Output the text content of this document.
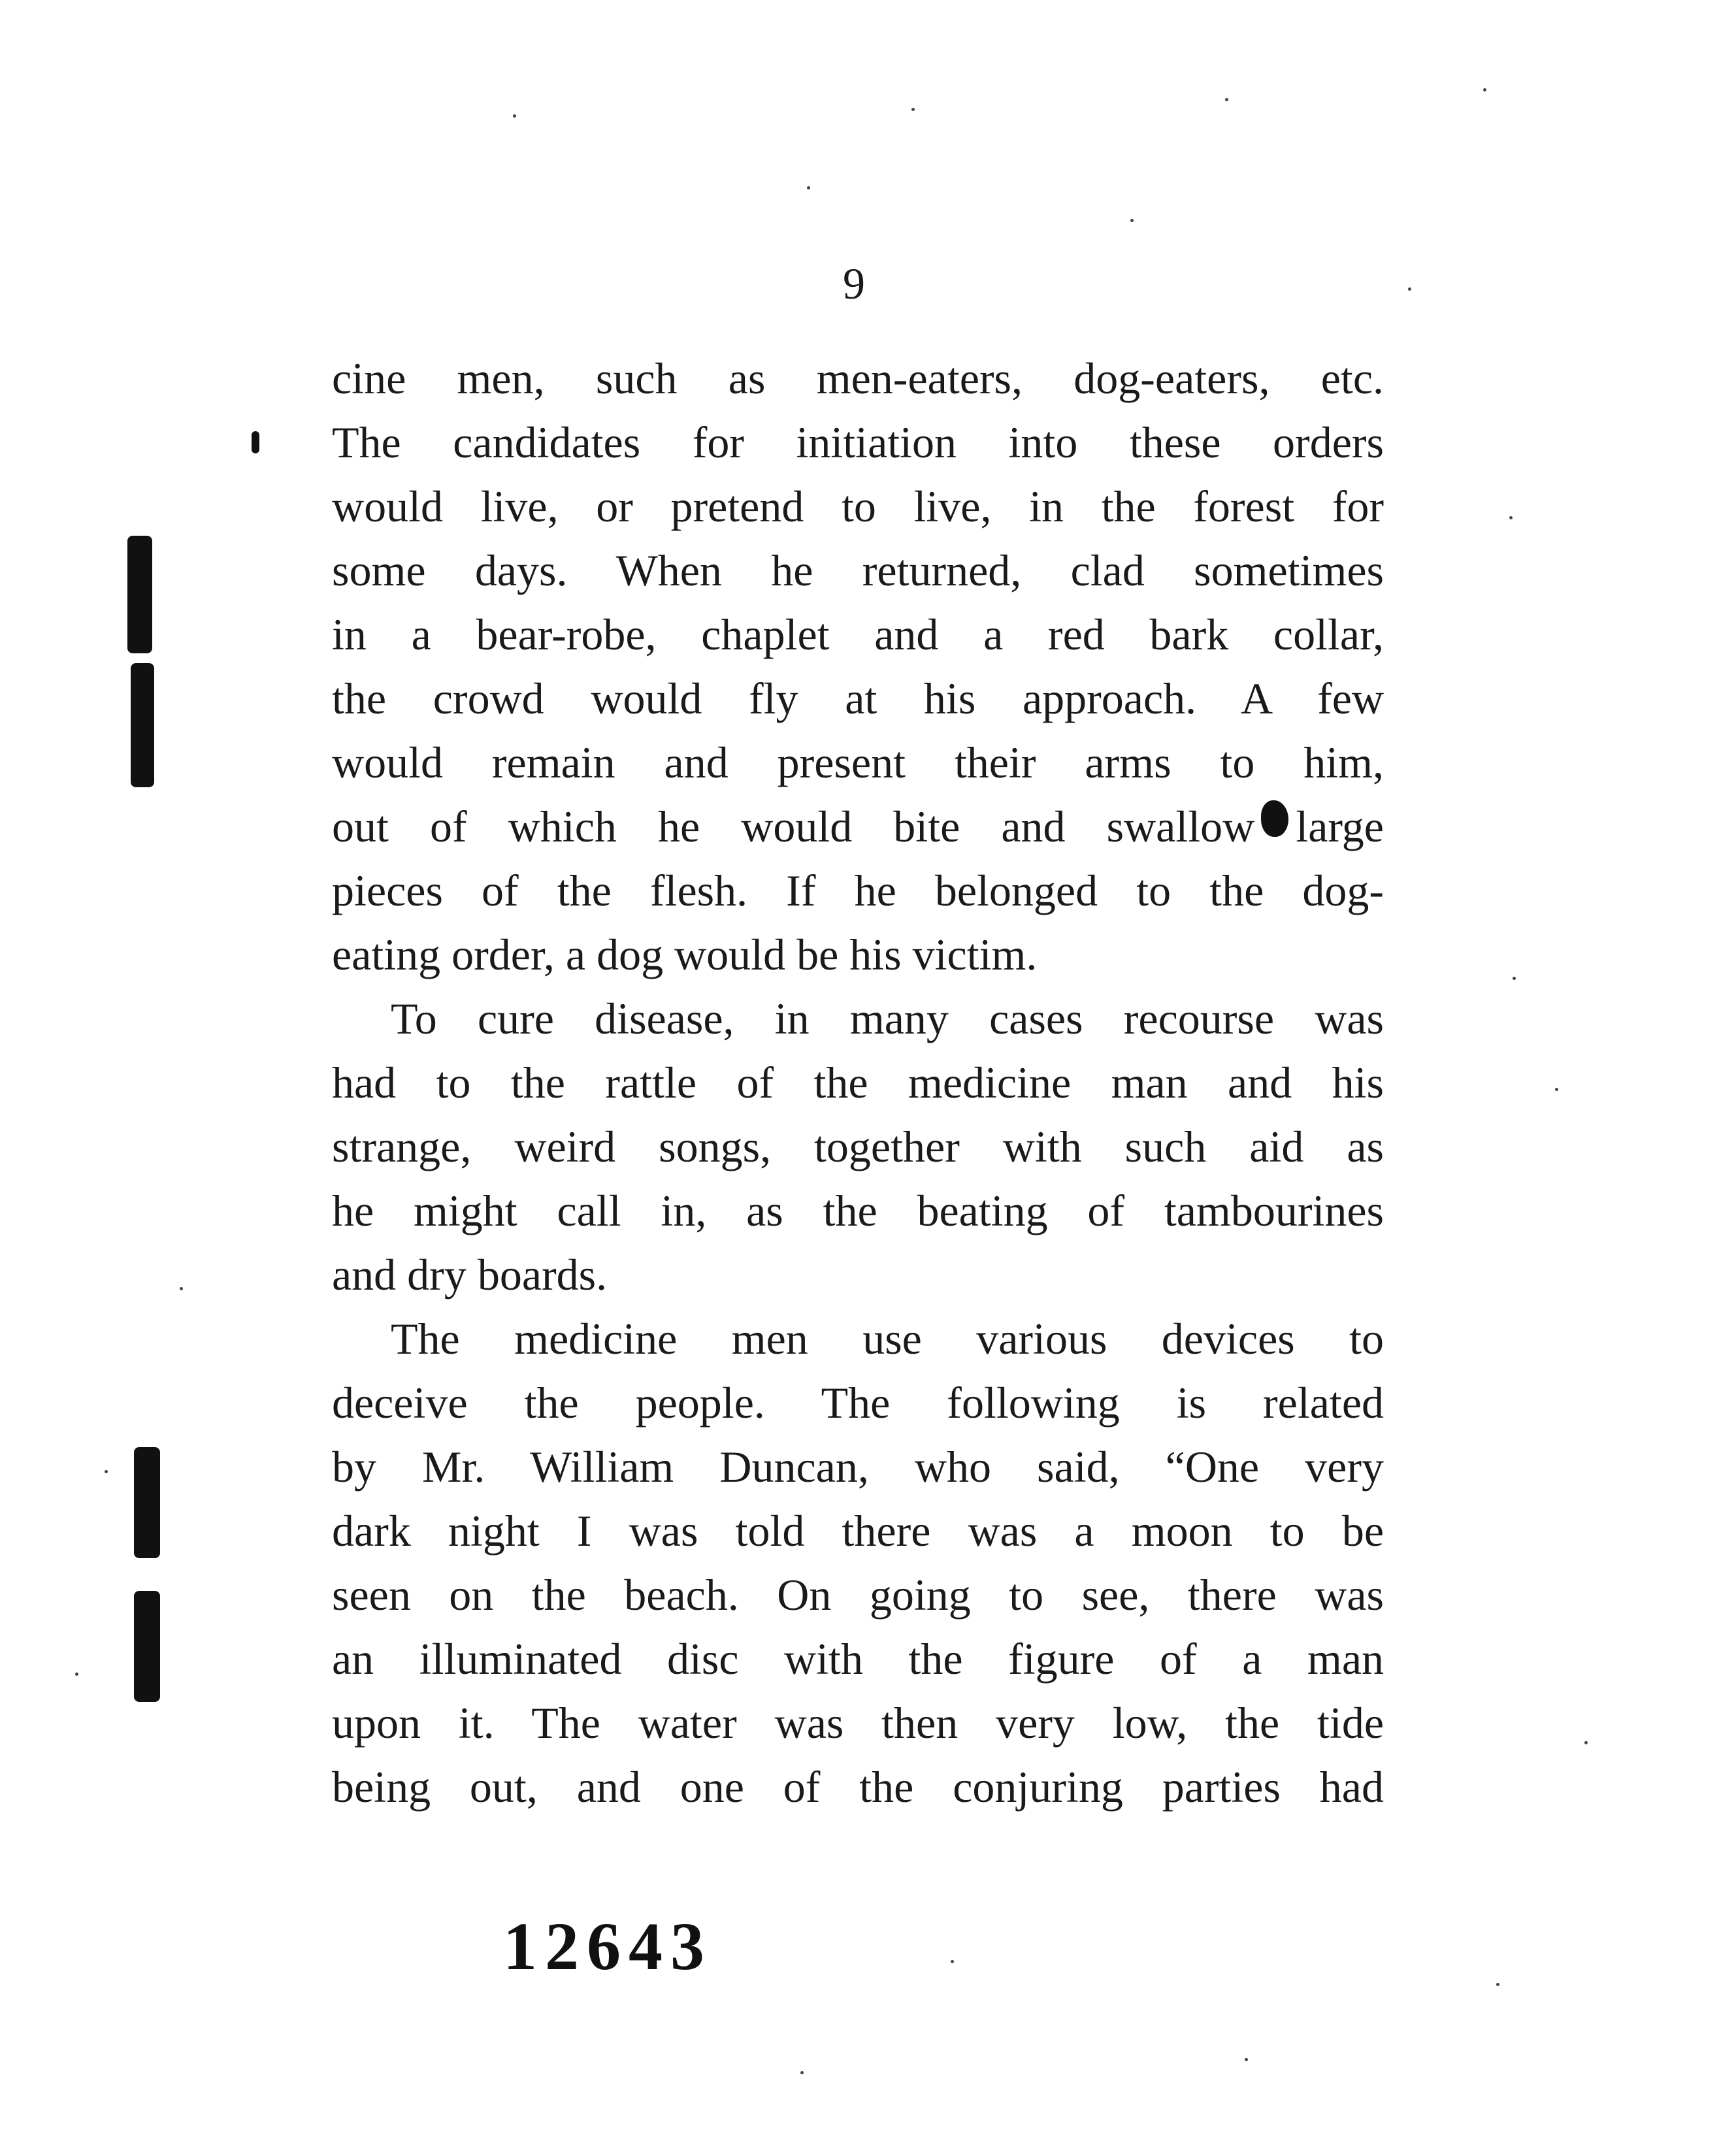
9
cine men, such as men-eaters, dog-eaters, etc.
The candidates for initiation into these orders
would live, or pretend to live, in the forest for
some days. When he returned, clad sometimes
in a bear-robe, chaplet and a red bark collar,
the crowd would fly at his approach. A few
would remain and present their arms to him,
out of which he would bite and swallow large
pieces of the flesh. If he belonged to the dog-
eating order, a dog would be his victim.
To cure disease, in many cases recourse was
had to the rattle of the medicine man and his
strange, weird songs, together with such aid as
he might call in, as the beating of tambourines
and dry boards.
The medicine men use various devices to
deceive the people. The following is related
by Mr. William Duncan, who said, “One very
dark night I was told there was a moon to be
seen on the beach. On going to see, there was
an illuminated disc with the figure of a man
upon it. The water was then very low, the tide
being out, and one of the conjuring parties had
12643
